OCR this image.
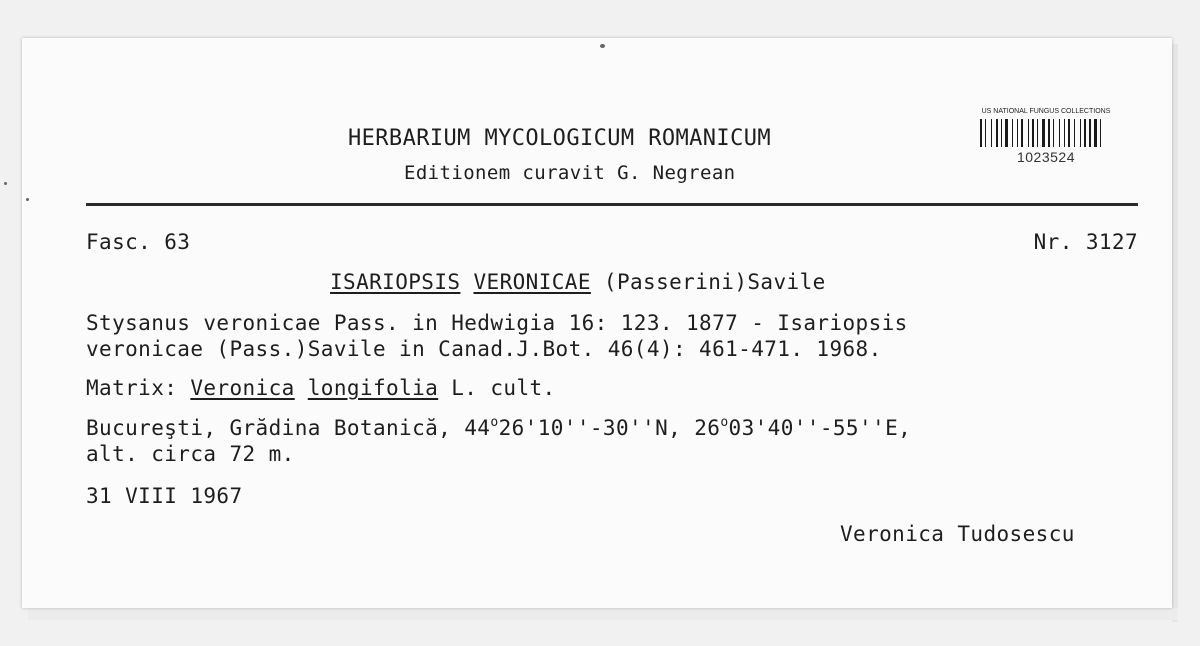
HERBARIUM MYCOLOGICUM ROMANICUM
Editionem curavit G. Negrean
US NATIONAL FUNGUS COLLECTIONS
1023524
Fasc. 63	Nr. 3127
ISARIOPSIS VERONICAE (Passerini)Savile
Stysanus veronicae Pass. in Hedwigia 16: 123. 1877 - Isariopsis
veronicae (Pass.)Savile in Canad.J.Bot. 46(4): 461-471. 1968.
Matrix: Veronica longifolia L. cult.
Bucureşti, Grădina Botanică, 44$^o$26'10''-30''N, 26$^o$03'40''-55''E,
alt. circa 72 m.
31 VIII 1967
Veronica Tudosescu
